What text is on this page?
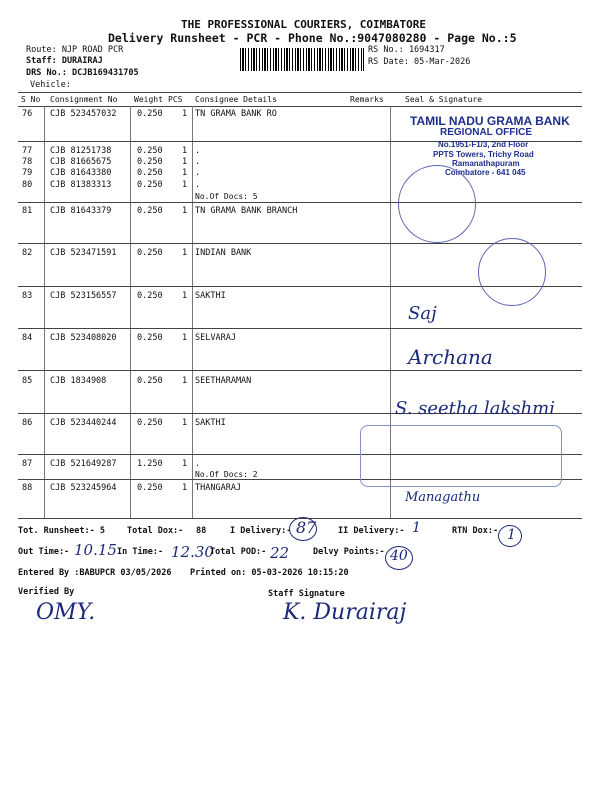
THE PROFESSIONAL COURIERS, COIMBATORE
Delivery Runsheet - PCR - Phone No.:9047080280 - Page No.:5
Route: NJP ROAD PCR
Staff: DURAIRAJ
DRS No.: DCJB169431705
Vehicle:
RS No.: 1694317
RS Date: 05-Mar-2026
S No Consignment No Weight PCS Consignee Details	Remarks	Seal & Signature
76 CJB 523457032 0.250 1 TN GRAMA BANK RO
77 CJB 81251738	0.250 1 .
78 CJB 81665675	0.250 1 .
79 CJB 81643380	0.250 1 .
80 CJB 81383313	0.250 1 .
No.Of Docs: 5
81 CJB 81643379	0.250 1 TN GRAMA BANK BRANCH
82 CJB 523471591 0.250 1 INDIAN BANK
83 CJB 523156557 0.250 1 SAKTHI
84 CJB 523408020 0.250 1 SELVARAJ
85 CJB 1834908	0.250 1 SEETHARAMAN
86 CJB 523440244 0.250 1 SAKTHI
87 CJB 521649287 1.250 1 .
No.Of Docs: 2
88 CJB 523245964 0.250 1 THANGARAJ
TAMIL NADU GRAMA BANK
REGIONAL OFFICE
No.1951-F1/3, 2nd Floor
PPTS Towers, Trichy Road
Ramanathapuram
Coimbatore - 641 045
Saj
Archana
S. seetha lakshmi
Managathu
Tot. Runsheet:- 5	Total Dox:- 88	I Delivery:- 87	II Delivery:- 1	RTN Dox:- 1
Out Time:- 10.15 In Time:- 12.30
Total POD:- 22	Delvy Points:- 40
Entered By :BABUPCR 03/05/2026 Printed on: 05-03-2026 10:15:20
Verified By	Staff Signature
OMY.	K. Durairaj
